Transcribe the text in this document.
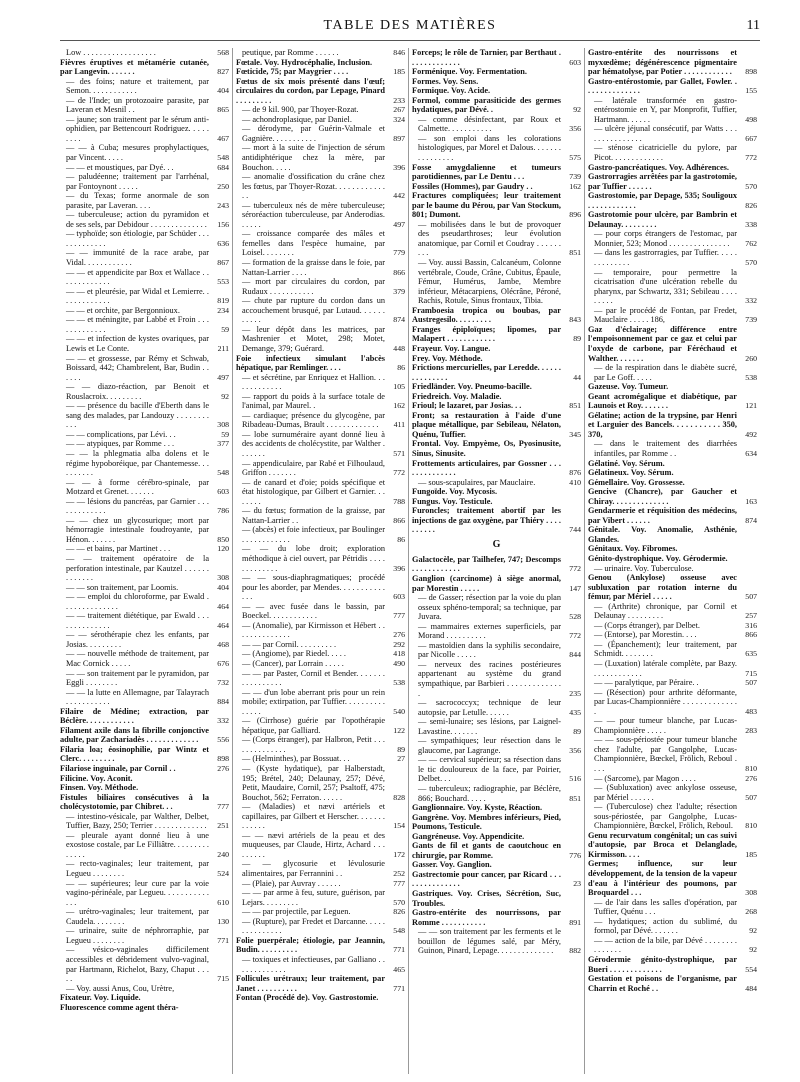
TABLE DES MATIÈRES	11
Low . . . . . . . . . . . . . . . . . .	568
Fièvres éruptives et métamérie cutanée, par Langevin. . . . . . .	827
— des foins; nature et traitement, par Semon. . . . . . . . . . . .	404
— de l'Inde; un protozoaire parasite, par Laveran et Mesnil . .	865
— jaune; son traitement par le sérum anti-ophidien, par Bettencourt Rodriguez. . . . . . . . .	467
— — à Cuba; mesures prophylactiques, par Vincent. . . . .	548
— — et moustiques, par Dyé. . .	684
— paludéenne; traitement par l'arrhénal, par Fontoynont . . . . .	250
— du Texas; forme anormale de son parasite, par Laveran. . . .	243
— tuberculeuse; action du pyramidon et de ses sels, par Debidour . . . . . . . . . . . . . .	156
— typhoïde; son étiologie, par Schüder . . . . . . . . . . . . .	636
— — immunité de la race arabe, par Vidal. . . . . . . . . . . .	867
— — et appendicite par Box et Wallace . . . . . . . . . . . . .	553
— — et pleurésie, par Widal et Lemierre. . . . . . . . . . . . .	819
— — et orchite, par Bergonnioux.	234
— — et méningite, par Labbé et Froin . . . . . . . . . . . . .	59
— — et infection de kystes ovariques, par Lewis et Le Conte.	211
— — et grossesse, par Rémy et Schwab, Boissard, 442; Chambrelent, Bar, Budin . . . . . .	497
— — diazo-réaction, par Benoit et Rouslacroix. . . . . . . . .	92
— — présence du bacille d'Eberth dans le sang des malades, par Landouzy . . . . . . . . . . .	308
— — complications, par Lévi. . .	59
— — atypiques, par Romme . . .	377
— — la phlegmatia alba dolens et le régime hypoboréique, par Chantemesse. . . . . . . . . .	548
— — à forme cérébro-spinale, par Motzard et Grenet. . . . . . .	603
— — lésions du pancréas, par Garnier . . . . . . . . . . . . .	786
— — chez un glycosurique; mort par hémorragie intestinale foudroyante, par Hénon. . . . . . .	850
— — et bains, par Martinet . . .	120
— — traitement opératoire de la perforation intestinale, par Kautzel . . . . . . . . . . . . .	308
— — son traitement, par Loomis.	404
— — emploi du chloroforme, par Ewald . . . . . . . . . . . . . .	464
— — traitement diététique, par Ewald . . . . . . . . . . . . . .	464
— — sérothérapie chez les enfants, par Josias. . . . . . . . .	468
— — nouvelle méthode de traitement, par Mac Cornick . . . . .	676
— — son traitement par le pyramidon, par Eggli . . . . . . . .	732
— — la lutte en Allemagne, par Talayrach . . . . . . . . . . .	884
Filaire de Médine; extraction, par Béclère. . . . . . . . . . . .	332
Filament axile dans la fibrille conjonctive adulte, par Zachariadès . . . . . . . . . . . . .	556
Filaria loa; éosinophilie, par Wintz et Clerc. . . . . . . . .	898
Filariose inguinale, par Cornil . .	276
Filicine. Voy. Aconit.
Finsen. Voy. Méthode.
Fistules biliaires consécutives à la cholécystotomie, par Chibret. . .	777
— intestino-vésicale, par Walther, Delbet, Tuffier, Bazy, 250; Terrier . . . . . . . . . . . . .	251
— pleurale ayant donné lieu à une exostose costale, par Le Filliâtre. . . . . . . . . . . . . .	240
— recto-vaginales; leur traitement, par Legueu . . . . . . . .	524
— — supérieures; leur cure par la voie vagino-périnéale, par Legueu. . . . . . . . . . . . . .	610
— urétro-vaginales; leur traitement, par Caudela. . . . . . . .	130
— urinaire, suite de néphrorraphie, par Legueu . . . . . . . .	771
— vésico-vaginales difficilement accessibles et débridement vulvo-vaginal, par Hartmann, Richelot, Bazy, Chaput . . . . .	715
— Voy. aussi Anus, Cou, Urètre,
Fixateur. Voy. Liquide.
Fluorescence comme agent théra-
peutique, par Romme . . . . . .	846
Fœtale. Voy. Hydrocéphalie, Inclusion.
Fœticide, 75; par Maygrier . . . .	185
Fœtus de six mois présenté dans l'œuf; circulaires du cordon, par Lepage, Pinard . . . . . . . . .	233
— de 9 kil. 900, par Thoyer-Rozat.	267
— achondroplasique, par Daniel.	324
— dérodyme, par Guérin-Valmale et Gagnière. . . . . . . . . . .	897
— mort à la suite de l'injection de sérum antidiphtérique chez la mère, par Bouchon. . . . .	396
— anomalie d'ossification du crâne chez les fœtus, par Thoyer-Rozat. . . . . . . . . . . . . .	442
— tuberculeux nés de mère tuberculeuse; séroréaction tuberculeuse, par Anderodias. . . . . .	497
— croissance comparée des mâles et femelles dans l'espèce humaine, par Loisel. . . . . . . .	779
— formation de la graisse dans le foie, par Nattan-Larrier . . . .	866
— mort par circulaires du cordon, par Rudaux . . . . . . . . . . .	379
— chute par rupture du cordon dans un accouchement brusqué, par Lutaud. . . . . . . . . . .	874
— leur dépôt dans les matrices, par Mashrenier et Motet, 298; Motet, Demange, 379; Guérard.	448
Foie infectieux simulant l'abcès hépatique, par Remlinger. . . .	86
— et sécrétine, par Enriquez et Hallion. . . . . . . . . . . . .	105
— rapport du poids à la surface totale de l'animal, par Maurel. .	162
— cardiaque; présence du glycogène, par Ribadeau-Dumas, Brault . . . . . . . . . . . . .	411
— lobe surnuméraire ayant donné lieu à des accidents de cholécystite, par Walther . . . . . . .	571
— appendiculaire, par Rabé et Filhoulaud, Griffon . . . . . . .	772
— de canard et d'oie; poids spécifique et état histologique, par Gilbert et Garnier. . . . . . . .	788
— du fœtus; formation de la graisse, par Nattan-Larrier . .	866
— (abcès) et foie infectieux, par Boulinger . . . . . . . . . . . .	86
— — du lobe droit; exploration méthodique à ciel ouvert, par Pétridis . . . . . . . . . . . . .	396
— — sous-diaphragmatiques; procédé pour les aborder, par Mendes. . . . . . . . . . . . . .	603
— — avec fusée dans le bassin, par Boeckel. . . . . . . . . . . .	777
— (Anomalie), par Kirmisson et Hébert . . . . . . . . . . . . . .	276
— — par Cornil. . . . . . . . . .	292
— (Angiome), par Riedel. . . . .	418
— (Cancer), par Lorrain . . . . .	490
— — par Paster, Cornil et Bender. . . . . . . . . . . . . . . . .	538
— — d'un lobe aberrant pris pour un rein mobile; extirpation, par Tuffier. . . . . . . . . . . . . . .	540
— (Cirrhose) guérie par l'opothérapie hépatique, par Galliard.	122
— (Corps étranger), par Halbron, Petit . . . . . . . . . . . . . .	89
— (Helminthes), par Bossuat. . .	27
— (Kyste hydatique), par Halberstadt, 195; Brétel, 240; Delaunay, 257; Dévé, Petit, Maudaire, Cornil, 257; Psaltoff, 475; Bouchot, 562; Ferraton. . . . . .	828
— (Maladies) et nævi artériels et capillaires, par Gilbert et Herscher. . . . . . . . . . . . .	154
— — nævi artériels de la peau et des muqueuses, par Claude, Hirtz, Achard . . . . . . . . .	172
— — glycosurie et lévulosurie alimentaires, par Ferrannini . .	252
— (Plaie), par Auvray . . . . . .	777
— — par arme à feu, suture, guérison, par Lejars. . . . . . . . .	570
— — par projectile, par Leguen.	826
— (Rupture), par Fredet et Darcanne. . . . . . . . . . . . . . .	548
Folie puerpérale; étiologie, par Jeannin, Budin. . . . . . . . . .	771
— toxiques et infectieuses, par Galliano . . . . . . . . . . . . .	465
Follicules urétraux; leur traitement, par Janet . . . . . . . . . .	771
Fontan (Procédé de). Voy. Gastrostomie.
Forceps; le rôle de Tarnier, par Berthaut . . . . . . . . . . . . .	603
Forménique. Voy. Fermentation.
Formes. Voy. Sens.
Formique. Voy. Acide.
Formol, comme parasiticide des germes hydatiques, par Dévé. .	92
— comme désinfectant, par Roux et Calmette. . . . . . . . . . .	356
— son emploi dans les colorations histologiques, par Morel et Dalous. . . . . . . . . . . . . . . .	575
Fosse amygdalienne et tumeurs parotidiennes, par Le Dentu . . .	739
Fossiles (Hommes), par Gaudry . .	162
Fractures compliquées; leur traitement par le baume du Pérou, par Van Stockum, 801; Dumont.	896
— mobilisées dans le but de provoquer des pseudarthroses; leur évolution anatomique, par Cornil et Coudray . . . . . . . . .	851
— Voy. aussi Bassin, Calcanéum, Colonne vertébrale, Coude, Crâne, Cubitus, Épaule, Fémur, Humérus, Jambe, Membre inférieur, Métacarpiens, Olécrâne, Péroné, Rachis, Rotule, Sinus frontaux, Tibia.
Framboesia tropica ou boubas, par Austregesilo. . . . . . . . .	843
Franges épiploïques; lipomes, par Malapert . . . . . . . . . . . .	89
Frayeur. Voy. Langue.
Frey. Voy. Méthode.
Frictions mercurielles, par Leredde. . . . . . . . . . . . . . .	44
Friedländer. Voy. Pneumo-bacille.
Friedreich. Voy. Maladie.
Frioul; le lazaret, par Josias. . .	851
Front; sa restauration à l'aide d'une plaque métallique, par Sebileau, Nélaton, Quénu, Tuffier.	345
Frontal. Voy. Empyème, Os, Pyosinusite, Sinus, Sinusite.
Frottements articulaires, par Gossner . . . . . . . . . . . . . .	876
— sous-scapulaires, par Mauclaire.	410
Fungoïde. Voy. Mycosis.
Fungus. Voy. Testicule.
Furoncles; traitement abortif par les injections de gaz oxygène, par Thiéry . . . . . . . . . .	744
G
Galactocèle, par Tailhefer, 747; Descomps . . . . . . . . . . . .	772
Ganglion (carcinome) à siège anormal, par Morestin . . . . .	147
— de Gasser; résection par la voie du plan osseux sphéno-temporal; sa technique, par Juvara.	528
— mammaires externes superficiels, par Morand . . . . . . . . . .	772
— mastoïdien dans la syphilis secondaire, par Nicolle . . . . .	844
— nerveux des racines postérieures appartenant au système du grand sympathique, par Barbieri . . . . . . . . . . . . . .	235
— sacrococcyx; technique de leur autopsie, par Letulle. . . . . .	435
— semi-lunaire; ses lésions, par Laignel-Lavastine. . . . . . .	89
— sympathiques; leur résection dans le glaucome, par Lagrange.	356
— — cervical supérieur; sa résection dans le tic douloureux de la face, par Poirier, Delbet. . .	516
— tuberculeux; radiographie, par Béclère, 866; Bouchard. . . . .	851
Ganglionnaire. Voy. Kyste, Réaction.
Gangrène. Voy. Membres inférieurs, Pied, Poumons, Testicule.
Gangréneuse. Voy. Appendicite.
Gants de fil et gants de caoutchouc en chirurgie, par Romme.	776
Gasser. Voy. Ganglion.
Gastrectomie pour cancer, par Ricard . . . . . . . . . . . . . . .	23
Gastriques. Voy. Crises, Sécrétion, Suc, Troubles.
Gastro-entérite des nourrissons, par Romme . . . . . . . . . . .	891
— — son traitement par les ferments et le bouillon de légumes salé, par Méry, Guinon, Pinard, Lepage. . . . . . . . . . . . . .	882
Gastro-entérite des nourrissons et myxœdème; dégénérescence pigmentaire par hématolyse, par Potier . . . . . . . . . . . .	898
Gastro-entérostomie, par Gallet, Fowler. . . . . . . . . . . . . . .	155
— latérale transformée en gastro-entérostomie en Y, par Monprofit, Tuffier, Hartmann. . . . . .	498
— ulcère jéjunal consécutif, par Watts . . . . . . . . . . . . . . .	667
— sténose cicatricielle du pylore, par Picot. . . . . . . . . . . . .	772
Gastro-pancréatiques. Voy. Adhérences.
Gastrorragies arrêtées par la gastrotomie, par Tuffier . . . . . .	570
Gastrostomie, par Depage, 535; Souligoux . . . . . . . . . . . .	826
Gastrotomie pour ulcère, par Bambrin et Delaunay. . . . . . . . .	338
— pour corps étrangers de l'estomac, par Monnier, 523; Monod . . . . . . . . . . . . . . .	762
— dans les gastrorragies, par Tuffier. . . . . . . . . . . . . .	570
— temporaire, pour permettre la cicatrisation d'une ulcération rebelle du pharynx, par Schwartz, 331; Sebileau . . . . . . . . .	332
— par le procédé de Fontan, par Fredet, Mauclaire . . . . . 186,	739
Gaz d'éclairage; différence entre l'empoisonnement par ce gaz et celui par l'oxyde de carbone, par Féréchaud et Walther. . . . . . .	260
— de la respiration dans le diabète sucré, par Le Goff. . . . .	538
Gazeuse. Voy. Tumeur.
Geant acromégalique et diabétique, par Launois et Roy. . . . . . .	121
Gélatine; action de la trypsine, par Henri et Larguier des Bancels. . . . . . . . . . . 350, 370,	492
— dans le traitement des diarrhées infantiles, par Romme . .	634
Gélatiné. Voy. Sérum.
Gélatineux. Voy. Sérum.
Gémellaire. Voy. Grossesse.
Gencive (Chancre), par Gaucher et Chiray. . . . . . . . . . . . . .	163
Gendarmerie et réquisition des médecins, par Vibert . . . . . .	874
Génitale. Voy. Anomalie, Asthénie, Glandes.
Génitaux. Voy. Fibromes.
Génito-dystrophique. Voy. Gérodermie.
— urinaire. Voy. Tuberculose.
Genou (Ankylose) osseuse avec subluxation par rotation interne du fémur, par Mériel . . . . .	507
— (Arthrite) chronique, par Cornil et Delaunay . . . . . . . . .	257
— (Corps étranger), par Delbet.	316
— (Entorse), par Morestin. . . .	866
— (Épanchement); leur traitement, par Schmidt. . . . . . . .	635
— (Luxation) latérale complète, par Bazy. . . . . . . . . . . . .	715
— — paralytique, par Péraire. .	507
— (Résection) pour arthrite déformante, par Lucas-Championnière . . . . . . . . . . . . . .	483
— — pour tumeur blanche, par Lucas-Championnière . . . . .	283
— — sous-périostée pour tumeur blanche chez l'adulte, par Gangolphe, Lucas-Championnière, Bœckel, Frölich, Reboul . . . .	810
— (Sarcome), par Magon . . . .	276
— (Subluxation) avec ankylose osseuse, par Mériel . . . . . .	507
— (Tuberculose) chez l'adulte; résection sous-périostée, par Gangolphe, Lucas-Championnière, Bœckel, Frölich, Reboul.	810
Genu recurvatum congénital; un cas suivi d'autopsie, par Broca et Delanglade, Kirmisson. . . .	185
Germes; influence, sur leur développement, de la tension de la vapeur d'eau à l'intérieur des poumons, par Broquardel . . .	308
— de l'air dans les salles d'opération, par Tuffier, Quénu . . .	268
— hydatiques; action du sublimé, du formol, par Dévé. . . . . . .	92
— — action de la bile, par Dévé . . . . . . . . . . . . . . .	92
Gérodermie génito-dystrophique, par Bueri . . . . . . . . . . . . .	554
Gestation et poisons de l'organisme, par Charrin et Roché . .	484
